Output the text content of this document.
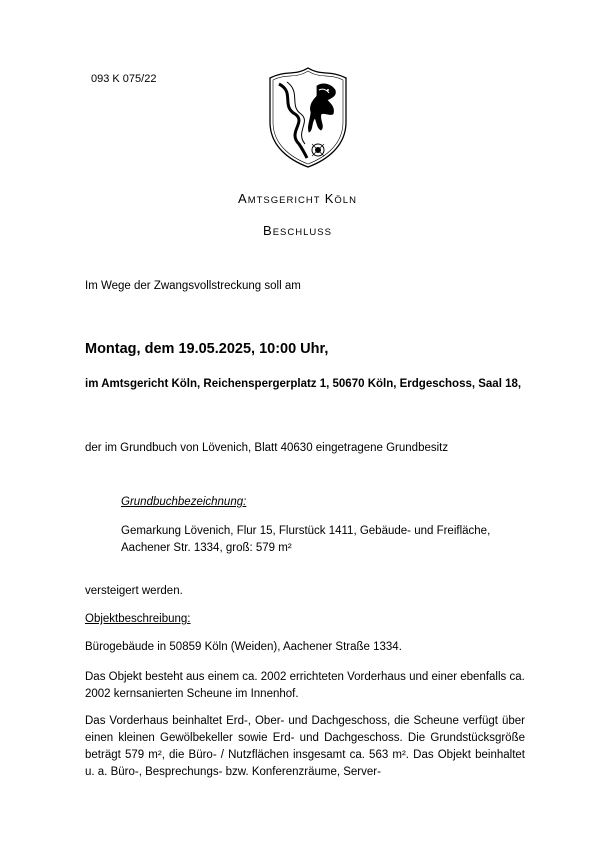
093 K 075/22
AMTSGERICHT KÖLN
BESCHLUSS

Im Wege der Zwangsvollstreckung soll am

Montag, dem 19.05.2025, 10:00 Uhr,

im Amtsgericht Köln, Reichenspergerplatz 1, 50670 Köln, Erdgeschoss, Saal 18,

der im Grundbuch von Lövenich, Blatt 40630 eingetragene Grundbesitz

Grundbuchbezeichnung:

Gemarkung Lövenich, Flur 15, Flurstück 1411, Gebäude- und Freifläche,
Aachener Str. 1334, groß: 579 m²

versteigert werden.

Objektbeschreibung:

Bürogebäude in 50859 Köln (Weiden), Aachener Straße 1334.

Das Objekt besteht aus einem ca. 2002 errichteten Vorderhaus und einer ebenfalls ca. 2002 kernsanierten Scheune im Innenhof.

Das Vorderhaus beinhaltet Erd-, Ober- und Dachgeschoss, die Scheune verfügt über einen kleinen Gewölbekeller sowie Erd- und Dachgeschoss. Die Grundstücksgröße beträgt 579 m², die Büro- / Nutzflächen insgesamt ca. 563 m². Das Objekt beinhaltet u. a. Büro-, Besprechungs- bzw. Konferenzräume, Server-
